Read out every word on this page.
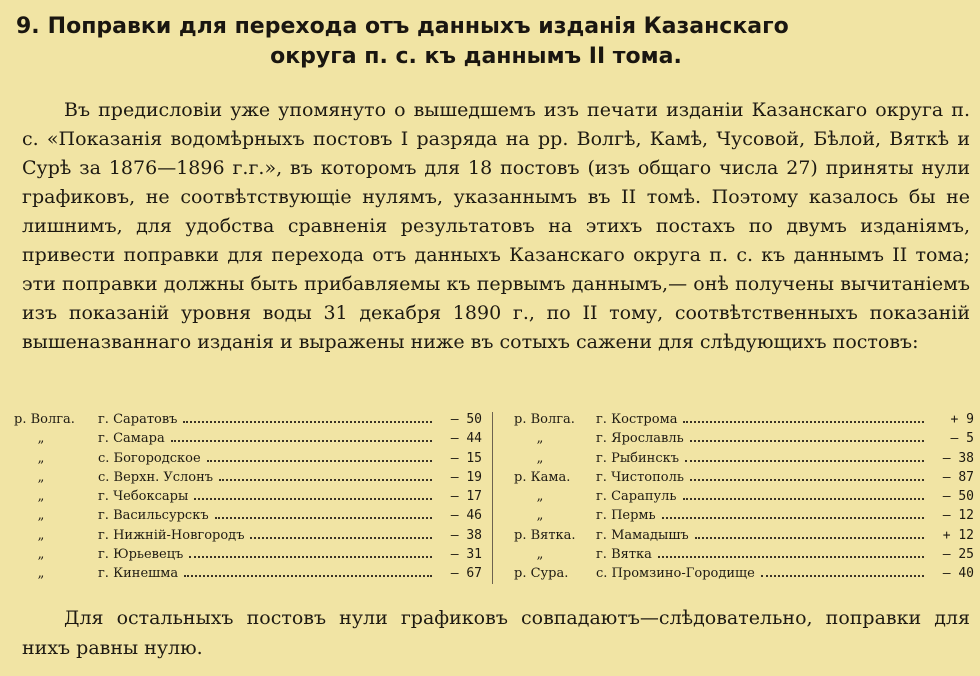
9. Поправки для перехода отъ данныхъ изданія Казанскаго
округа п. с. къ даннымъ II тома.

Въ предисловіи уже упомянуто о вышедшемъ изъ печати изданіи Казанскаго округа п. с. «Показанія водомѣрныхъ постовъ I разряда на рр. Волгѣ, Камѣ, Чусовой, Бѣлой, Вяткѣ и Сурѣ за 1876—1896 г.г.», въ которомъ для 18 постовъ (изъ общаго числа 27) приняты нули графиковъ, не соотвѣтствующіе нулямъ, указаннымъ въ II томѣ. Поэтому казалось бы не лишнимъ, для удобства сравненія результатовъ на этихъ постахъ по двумъ изданіямъ, привести поправки для перехода отъ данныхъ Казанскаго округа п. с. къ даннымъ II тома; эти поправки должны быть прибавляемы къ первымъ даннымъ,— онѣ получены вычитаніемъ изъ показаній уровня воды 31 декабря 1890 г., по II тому, соотвѣтственныхъ показаній вышеназваннаго изданія и выражены ниже въ сотыхъ сажени для слѣдующихъ постовъ:

р. Волга.	г. Саратовъ	— 50
„	г. Самара	— 44
„	с. Богородское	— 15
„	с. Верхн. Услонъ	— 19
„	г. Чебоксары	— 17
„	г. Васильсурскъ	— 46
„	г. Нижній-Новгородъ	— 38
„	г. Юрьевецъ	— 31
„	г. Кинешма	— 67
р. Волга.	г. Кострома	+ 9
„	г. Ярославль	— 5
„	г. Рыбинскъ	— 38
р. Кама.	г. Чистополь	— 87
„	г. Сарапуль	— 50
„	г. Пермь	— 12
р. Вятка.	г. Мамадышъ	+ 12
„	г. Вятка	— 25
р. Сура.	с. Промзино-Городище	— 40

Для остальныхъ постовъ нули графиковъ совпадаютъ—слѣдовательно, поправки для нихъ равны нулю.
